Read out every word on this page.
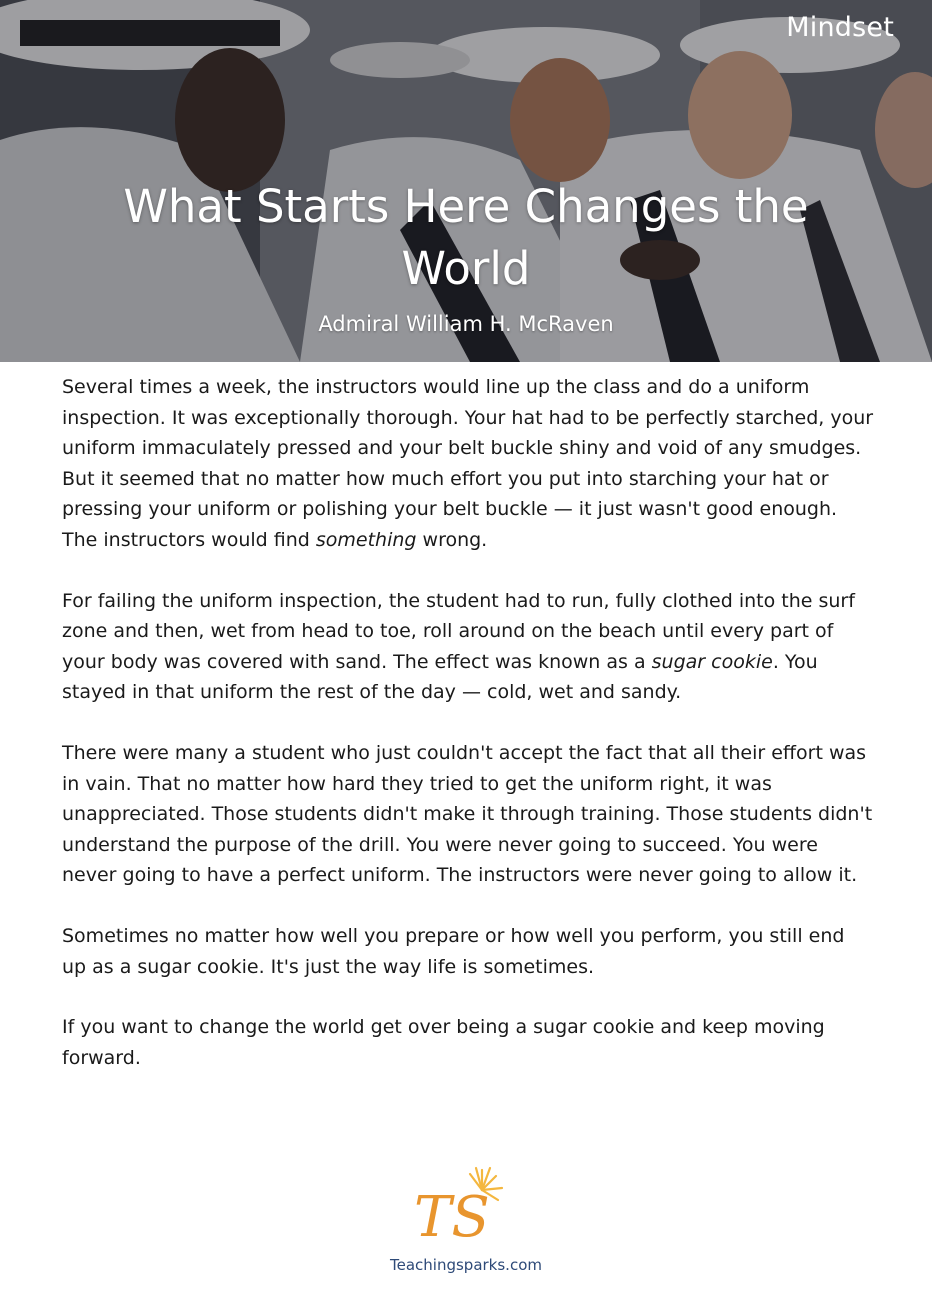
Mindset
What Starts Here Changes the World
Admiral William H. McRaven

Several times a week, the instructors would line up the class and do a uniform inspection. It was exceptionally thorough. Your hat had to be perfectly starched, your uniform immaculately pressed and your belt buckle shiny and void of any smudges. But it seemed that no matter how much effort you put into starching your hat or pressing your uniform or polishing your belt buckle — it just wasn't good enough. The instructors would find something wrong.

For failing the uniform inspection, the student had to run, fully clothed into the surf zone and then, wet from head to toe, roll around on the beach until every part of your body was covered with sand. The effect was known as a sugar cookie. You stayed in that uniform the rest of the day — cold, wet and sandy.

There were many a student who just couldn't accept the fact that all their effort was in vain. That no matter how hard they tried to get the uniform right, it was unappreciated. Those students didn't make it through training. Those students didn't understand the purpose of the drill. You were never going to succeed. You were never going to have a perfect uniform. The instructors were never going to allow it.

Sometimes no matter how well you prepare or how well you perform, you still end up as a sugar cookie. It's just the way life is sometimes.

If you want to change the world get over being a sugar cookie and keep moving forward.

TS
Teachingsparks.com
